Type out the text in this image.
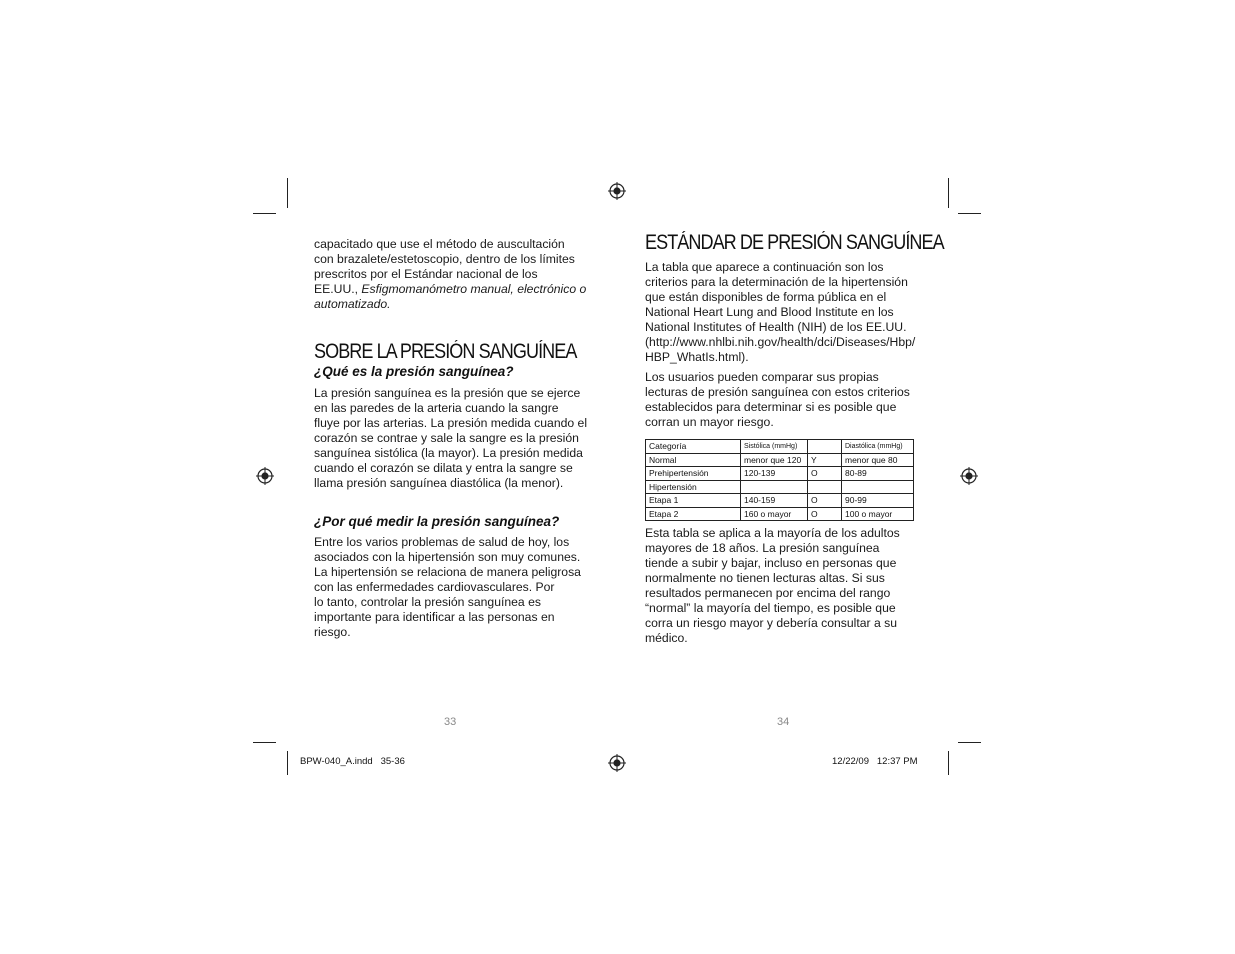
capacitado que use el método de auscultación
con brazalete/estetoscopio, dentro de los límites
prescritos por el Estándar nacional de los
EE.UU., Esfigmomanómetro manual, electrónico o
automatizado.
SOBRE LA PRESIÓN SANGUÍNEA
¿Qué es la presión sanguínea?
La presión sanguínea es la presión que se ejerce
en las paredes de la arteria cuando la sangre
fluye por las arterias. La presión medida cuando el
corazón se contrae y sale la sangre es la presión
sanguínea sistólica (la mayor). La presión medida
cuando el corazón se dilata y entra la sangre se
llama presión sanguínea diastólica (la menor).
¿Por qué medir la presión sanguínea?
Entre los varios problemas de salud de hoy, los
asociados con la hipertensión son muy comunes.
La hipertensión se relaciona de manera peligrosa
con las enfermedades cardiovasculares. Por
lo tanto, controlar la presión sanguínea es
importante para identificar a las personas en
riesgo.
33
ESTÁNDAR DE PRESIÓN SANGUÍNEA
La tabla que aparece a continuación son los
criterios para la determinación de la hipertensión
que están disponibles de forma pública en el
National Heart Lung and Blood Institute en los
National Institutes of Health (NIH) de los EE.UU.
(http://www.nhlbi.nih.gov/health/dci/Diseases/Hbp/
HBP_WhatIs.html).
Los usuarios pueden comparar sus propias
lecturas de presión sanguínea con estos criterios
establecidos para determinar si es posible que
corran un mayor riesgo.
Categoría	Sistólica (mmHg)		Diastólica (mmHg)
Normal	menor que 120	Y	menor que 80
Prehipertensión	120-139	O	80-89
Hipertensión			
Etapa 1	140-159	O	90-99
Etapa 2	160 o mayor	O	100 o mayor
Esta tabla se aplica a la mayoría de los adultos
mayores de 18 años. La presión sanguínea
tiende a subir y bajar, incluso en personas que
normalmente no tienen lecturas altas. Si sus
resultados permanecen por encima del rango
“normal” la mayoría del tiempo, es posible que
corra un riesgo mayor y debería consultar a su
médico.
34
BPW-040_A.indd   35-36	12/22/09   12:37 PM
